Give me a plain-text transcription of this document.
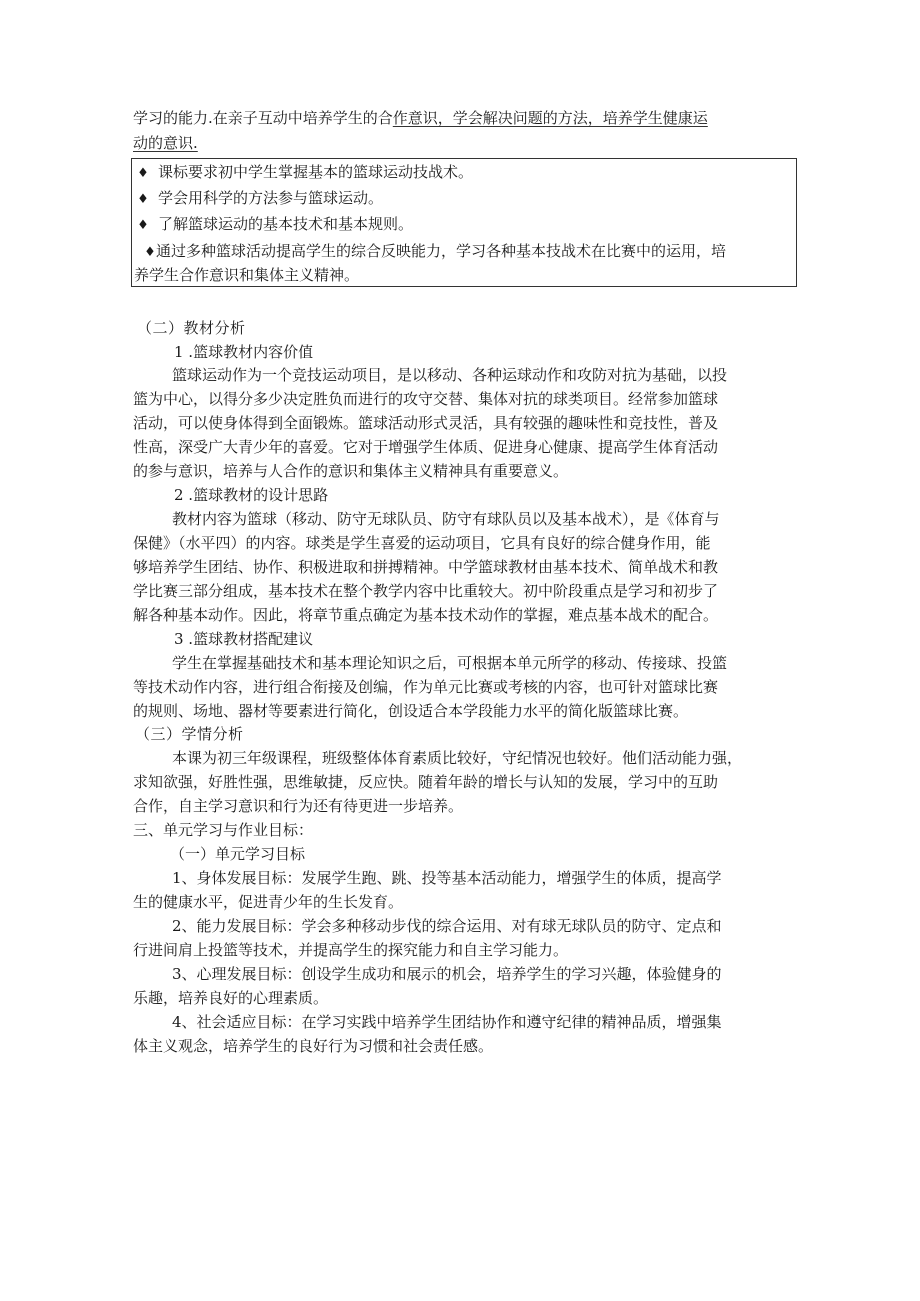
学习的能力.在亲子互动中培养学生的合作意识，学会解决问题的方法，培养学生健康运
动的意识.
♦ 课标要求初中学生掌握基本的篮球运动技战术。
♦ 学会用科学的方法参与篮球运动。
♦ 了解篮球运动的基本技术和基本规则。
♦通过多种篮球活动提高学生的综合反映能力，学习各种基本技战术在比赛中的运用，培
养学生合作意识和集体主义精神。
（二）教材分析
1 .篮球教材内容价值
篮球运动作为一个竞技运动项目，是以移动、各种运球动作和攻防对抗为基础，以投
篮为中心，以得分多少决定胜负而进行的攻守交替、集体对抗的球类项目。经常参加篮球
活动，可以使身体得到全面锻炼。篮球活动形式灵活，具有较强的趣味性和竞技性，普及
性高，深受广大青少年的喜爱。它对于增强学生体质、促进身心健康、提高学生体育活动
的参与意识，培养与人合作的意识和集体主义精神具有重要意义。
2 .篮球教材的设计思路
教材内容为篮球（移动、防守无球队员、防守有球队员以及基本战术），是《体育与
保健》（水平四）的内容。球类是学生喜爱的运动项目，它具有良好的综合健身作用，能
够培养学生团结、协作、积极进取和拼搏精神。中学篮球教材由基本技术、简单战术和教
学比赛三部分组成，基本技术在整个教学内容中比重较大。初中阶段重点是学习和初步了
解各种基本动作。因此，将章节重点确定为基本技术动作的掌握，难点基本战术的配合。
3 .篮球教材搭配建议
学生在掌握基础技术和基本理论知识之后，可根据本单元所学的移动、传接球、投篮
等技术动作内容，进行组合衔接及创编，作为单元比赛或考核的内容，也可针对篮球比赛
的规则、场地、器材等要素进行简化，创设适合本学段能力水平的简化版篮球比赛。
（三）学情分析
本课为初三年级课程，班级整体体育素质比较好，守纪情况也较好。他们活动能力强，
求知欲强，好胜性强，思维敏捷，反应快。随着年龄的增长与认知的发展，学习中的互助
合作，自主学习意识和行为还有待更进一步培养。
三、单元学习与作业目标：
（一）单元学习目标
1、身体发展目标：发展学生跑、跳、投等基本活动能力，增强学生的体质，提高学
生的健康水平，促进青少年的生长发育。
2、能力发展目标：学会多种移动步伐的综合运用、对有球无球队员的防守、定点和
行进间肩上投篮等技术，并提高学生的探究能力和自主学习能力。
3、心理发展目标：创设学生成功和展示的机会，培养学生的学习兴趣，体验健身的
乐趣，培养良好的心理素质。
4、社会适应目标：在学习实践中培养学生团结协作和遵守纪律的精神品质，增强集
体主义观念，培养学生的良好行为习惯和社会责任感。
